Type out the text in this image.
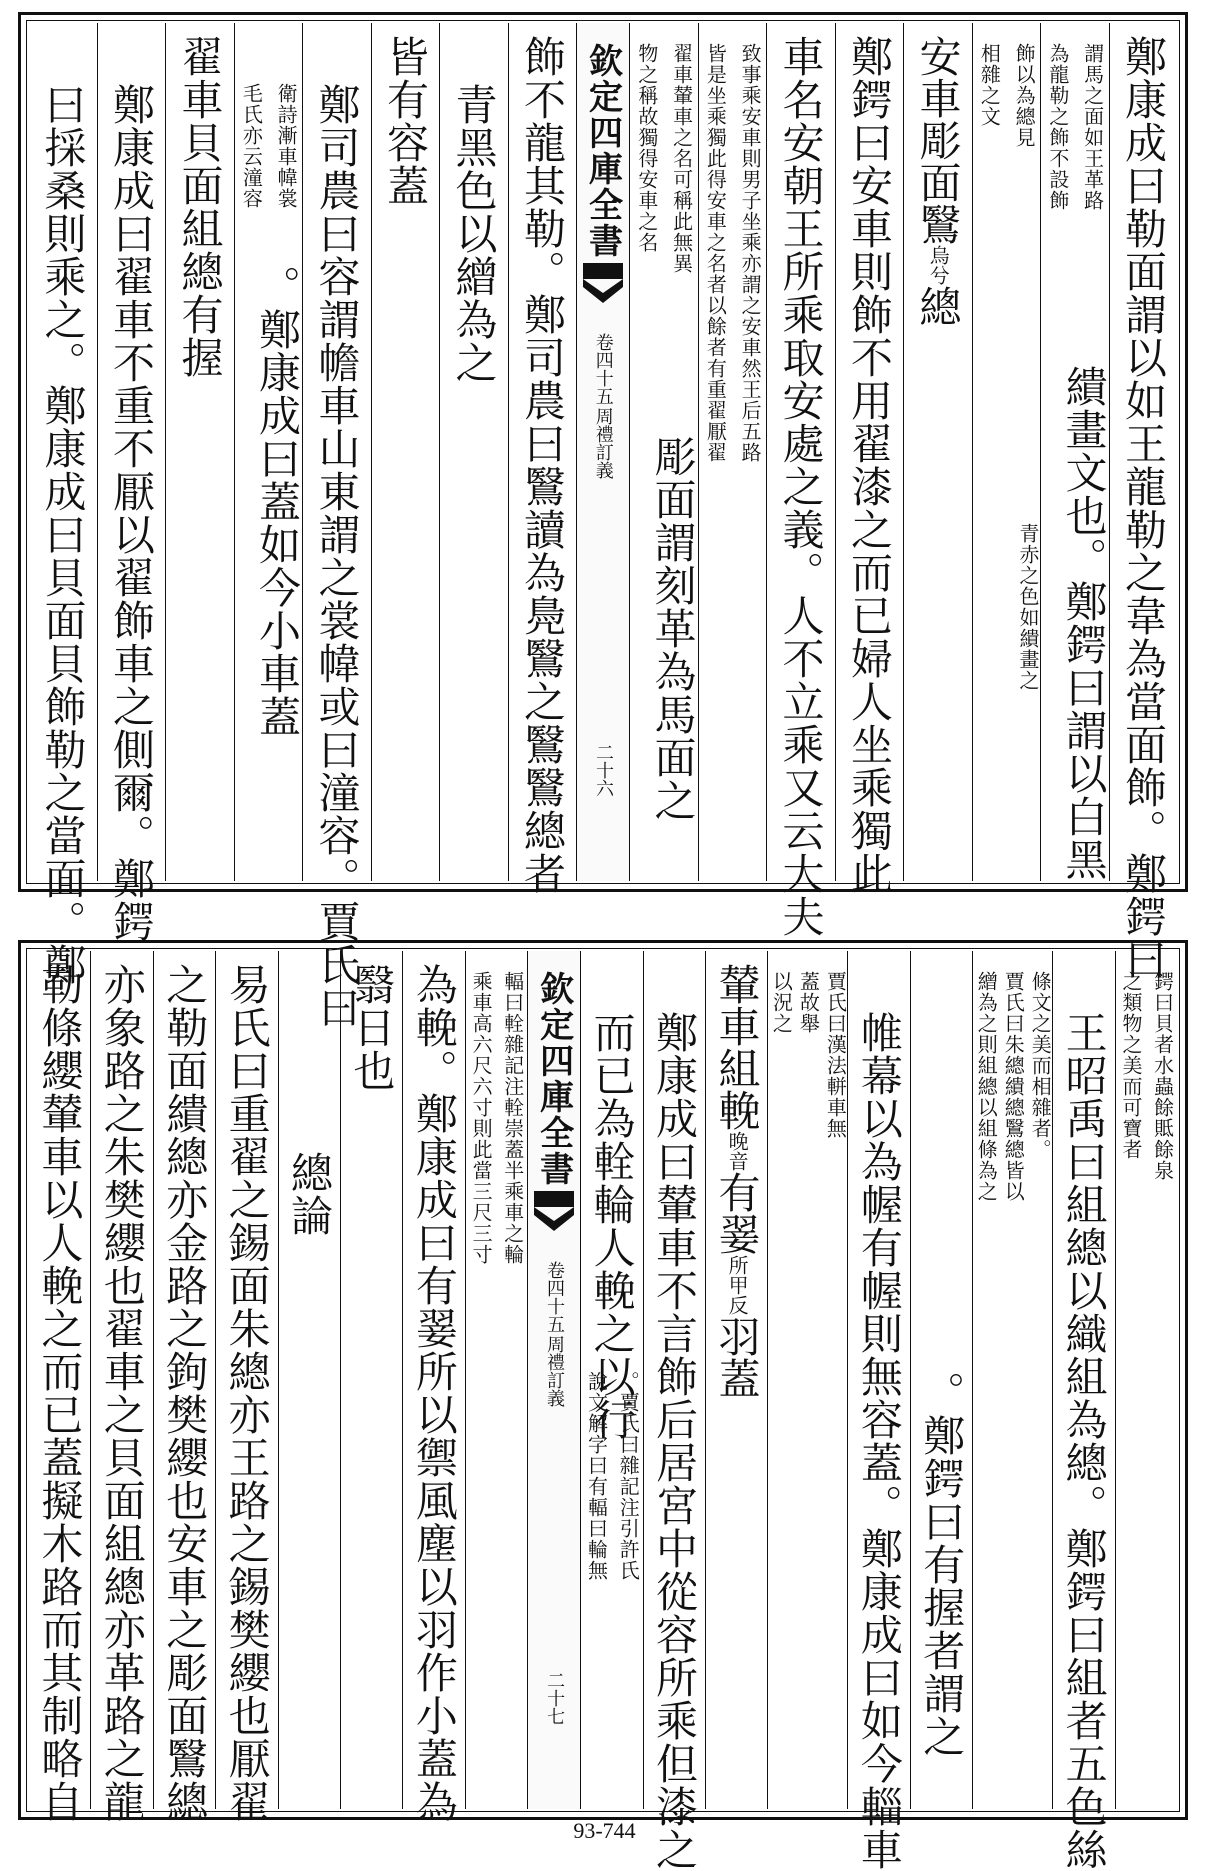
鄭康成曰勒面謂以如王龍勒之韋為當面飾。鄭鍔曰
謂馬之面如王革路
為龍勒之飾不設飾
繢畫文也。鄭鍔曰謂以白黑
飾以為總見
相雜之文
青赤之色如繢畫之
安車彫面鷖
烏兮
總
鄭鍔曰安車則飾不用翟漆之而已婦人坐乘獨此
車名安朝王所乘取安處之義。人不立乘又云大夫
致事乘安車則男子坐乘亦謂之安車然王后五路
皆是坐乘獨此得安車之名者以餘者有重翟厭翟
翟車輦車之名可稱此無異
物之稱故獨得安車之名
彫面謂刻革為馬面之
欽定四庫全書
周禮訂義
卷四十五
二十六
飾不龍其勒。鄭司農曰鷖讀為鳧鷖之鷖鷖總者
青黑色以繒為之
皆有容蓋
鄭司農曰容謂幨車山東謂之裳幃或曰潼容。賈氏曰
衛詩漸車幃裳
毛氏亦云潼容
。鄭康成曰蓋如今小車蓋
翟車貝面組總有握
鄭康成曰翟車不重不厭以翟飾車之側爾。鄭鍔
曰採桑則乘之。鄭康成曰貝面貝飾勒之當面。鄭
鍔曰貝者水蟲餘貾餘泉
之類物之美而可寶者
王昭禹曰組總以織組為總。鄭鍔曰組者五色絲
條文之美而相雜者。
賈氏曰朱總繢總鷖總皆以
繒為之則組總以組條為之
。鄭鍔曰有握者謂之
帷幕以為幄有幄則無容蓋。鄭康成曰如今輜車
賈氏曰漢法軿車無
蓋故舉
以況之
輦車組輓
晚音
有翣
所甲反
羽蓋
鄭康成曰輦車不言飾后居宮中從容所乘但漆之
而已為輇輪人輓之以行
。賈氏曰雜記注引許氏
說文解字曰有輻曰輪無
欽定四庫全書
周禮訂義
卷四十五
二十七
輻曰輇雜記注輇崇蓋半乘車之輪
乘車高六尺六寸則此當三尺三寸
為輓。鄭康成曰有翣所以禦風塵以羽作小蓋為
翳日也
總論
易氏曰重翟之錫面朱總亦王路之錫樊纓也厭翟
之勒面繢總亦金路之鉤樊纓也安車之彫面鷖總
亦象路之朱樊纓也翟車之貝面組總亦革路之龍
勒條纓輦車以人輓之而已蓋擬木路而其制略自
93-744
